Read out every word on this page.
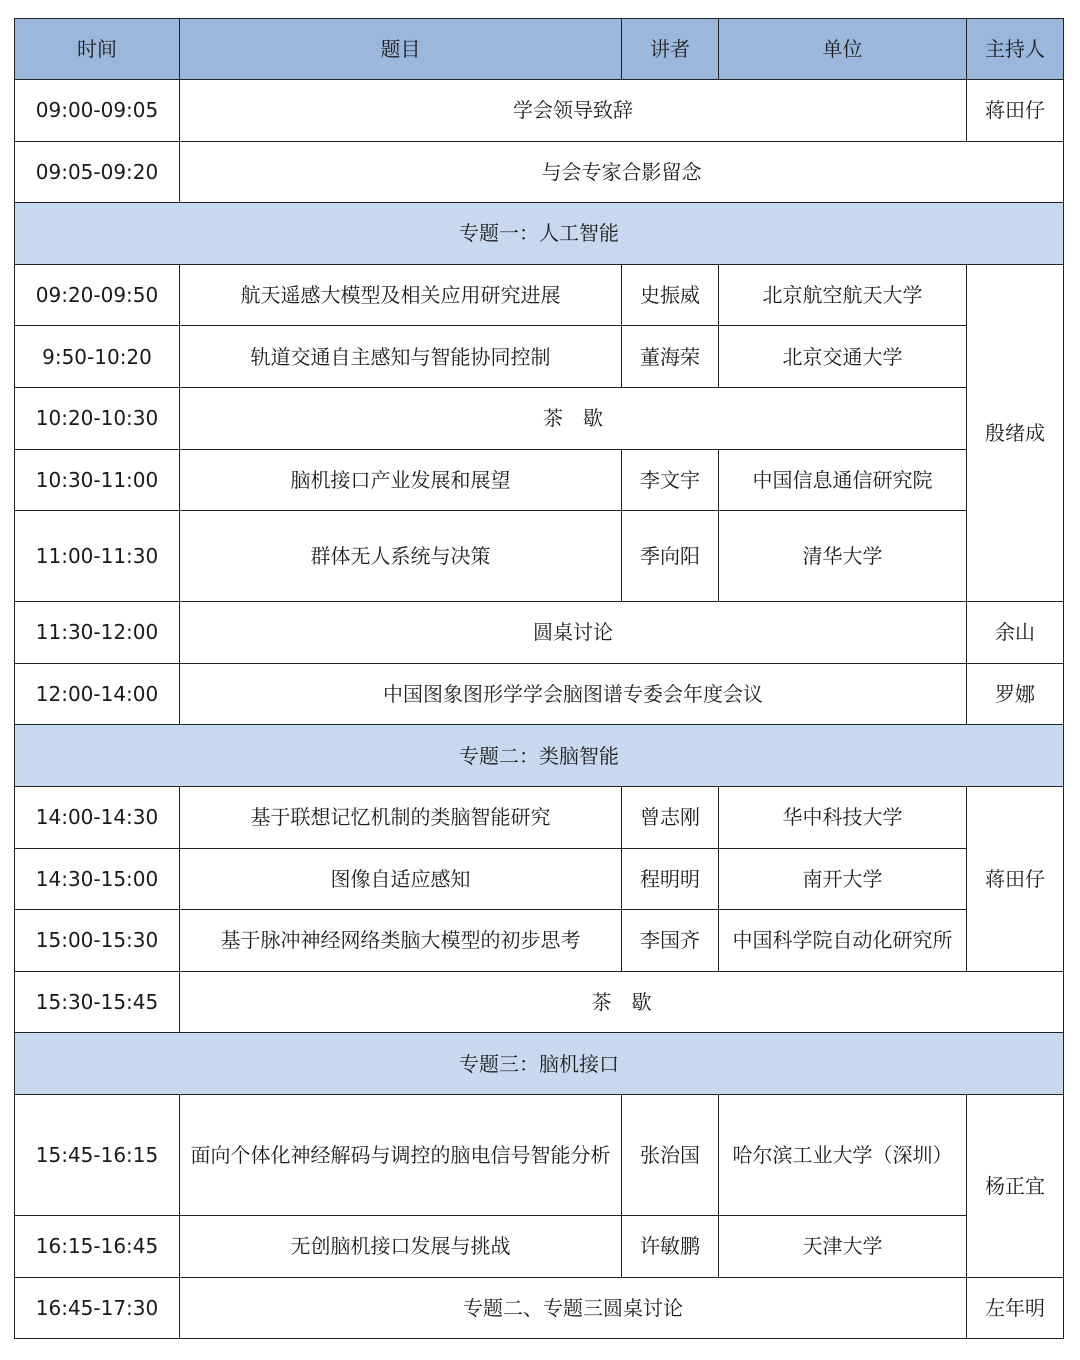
时间	题目	讲者	单位	主持人
09:00-09:05	学会领导致辞			蒋田仔
09:05-09:20	与会专家合影留念			
专题一：人工智能				
09:20-09:50	航天遥感大模型及相关应用研究进展	史振威	北京航空航天大学	殷绪成
9:50-10:20	轨道交通自主感知与智能协同控制	董海荣	北京交通大学	
10:20-10:30	茶　歇			
10:30-11:00	脑机接口产业发展和展望	李文宇	中国信息通信研究院	
11:00-11:30	群体无人系统与决策	季向阳	清华大学	
11:30-12:00	圆桌讨论			余山
12:00-14:00	中国图象图形学学会脑图谱专委会年度会议			罗娜
专题二：类脑智能				
14:00-14:30	基于联想记忆机制的类脑智能研究	曾志刚	华中科技大学	蒋田仔
14:30-15:00	图像自适应感知	程明明	南开大学	
15:00-15:30	基于脉冲神经网络类脑大模型的初步思考	李国齐	中国科学院自动化研究所	
15:30-15:45	茶　歇			
专题三：脑机接口				
15:45-16:15	面向个体化神经解码与调控的脑电信号智能分析	张治国	哈尔滨工业大学（深圳）	杨正宜
16:15-16:45	无创脑机接口发展与挑战	许敏鹏	天津大学	
16:45-17:30	专题二、专题三圆桌讨论			左年明
